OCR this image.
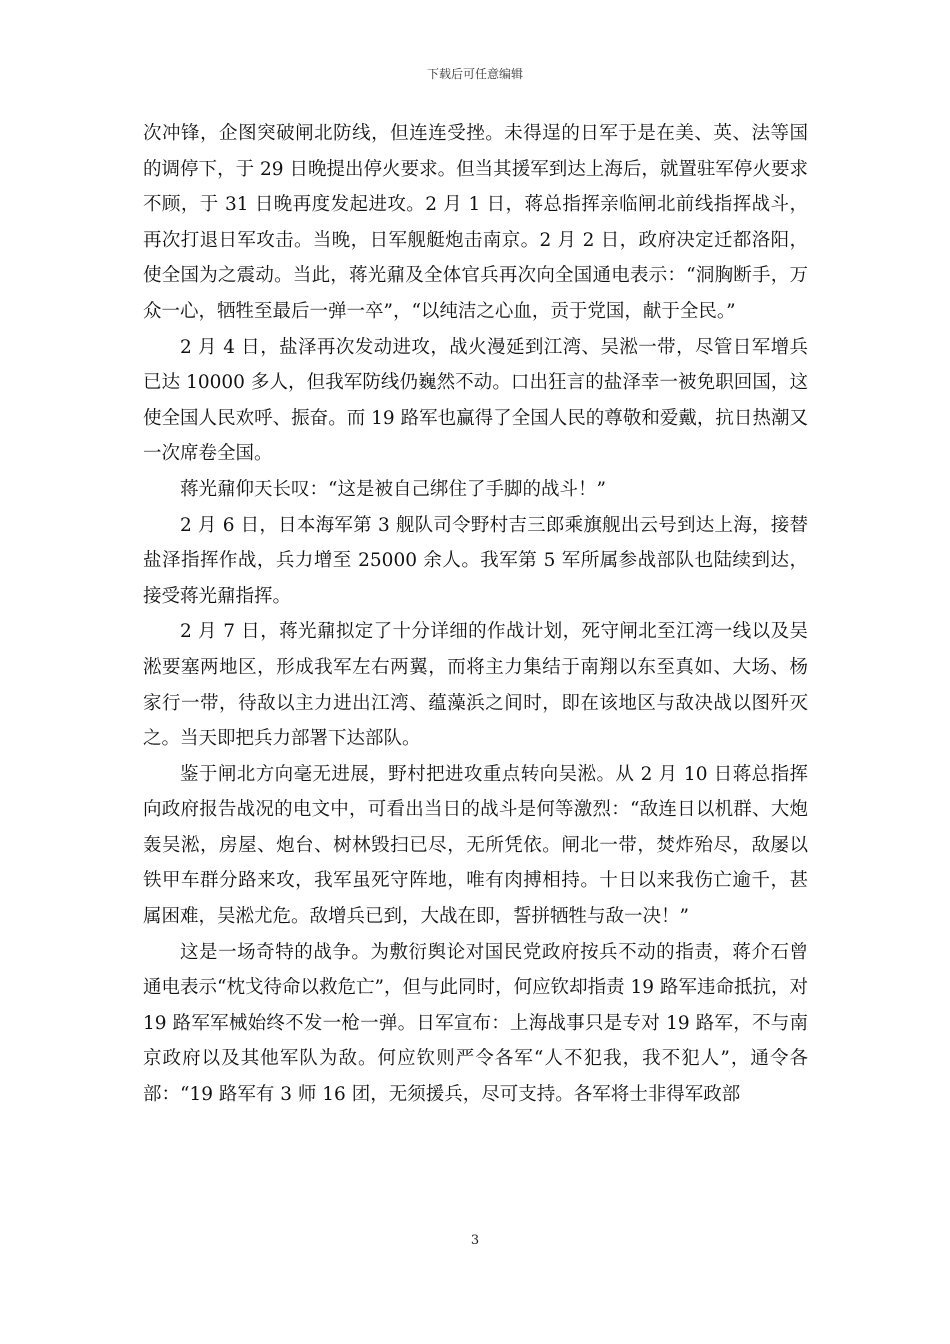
下载后可任意编辑

次冲锋，企图突破闸北防线，但连连受挫。未得逞的日军于是在美、英、法等国的调停下，于 29 日晚提出停火要求。但当其援军到达上海后，就置驻军停火要求不顾，于 31 日晚再度发起进攻。2 月 1 日，蒋总指挥亲临闸北前线指挥战斗，再次打退日军攻击。当晚，日军舰艇炮击南京。2 月 2 日，政府决定迁都洛阳，使全国为之震动。当此，蒋光鼐及全体官兵再次向全国通电表示：“洞胸断手，万众一心，牺牲至最后一弹一卒”，“以纯洁之心血，贡于党国，献于全民。”

2 月 4 日，盐泽再次发动进攻，战火漫延到江湾、吴淞一带，尽管日军增兵已达 10000 多人，但我军防线仍巍然不动。口出狂言的盐泽幸一被免职回国，这使全国人民欢呼、振奋。而 19 路军也赢得了全国人民的尊敬和爱戴，抗日热潮又一次席卷全国。

蒋光鼐仰天长叹：“这是被自己绑住了手脚的战斗！”

2 月 6 日，日本海军第 3 舰队司令野村吉三郎乘旗舰出云号到达上海，接替盐泽指挥作战，兵力增至 25000 余人。我军第 5 军所属参战部队也陆续到达，接受蒋光鼐指挥。

2 月 7 日，蒋光鼐拟定了十分详细的作战计划，死守闸北至江湾一线以及吴淞要塞两地区，形成我军左右两翼，而将主力集结于南翔以东至真如、大场、杨家行一带，待敌以主力进出江湾、蕴藻浜之间时，即在该地区与敌决战以图歼灭之。当天即把兵力部署下达部队。

鉴于闸北方向毫无进展，野村把进攻重点转向吴淞。从 2 月 10 日蒋总指挥向政府报告战况的电文中，可看出当日的战斗是何等激烈：“敌连日以机群、大炮轰吴淞，房屋、炮台、树林毁扫已尽，无所凭依。闸北一带，焚炸殆尽，敌屡以铁甲车群分路来攻，我军虽死守阵地，唯有肉搏相持。十日以来我伤亡逾千，甚属困难，吴淞尤危。敌增兵已到，大战在即，誓拼牺牲与敌一决！”

这是一场奇特的战争。为敷衍舆论对国民党政府按兵不动的指责，蒋介石曾通电表示“枕戈待命以救危亡”，但与此同时，何应钦却指责 19 路军违命抵抗，对 19 路军军械始终不发一枪一弹。日军宣布：上海战事只是专对 19 路军，不与南京政府以及其他军队为敌。何应钦则严令各军“人不犯我，我不犯人”，通令各部：“19 路军有 3 师 16 团，无须援兵，尽可支持。各军将士非得军政部

3
